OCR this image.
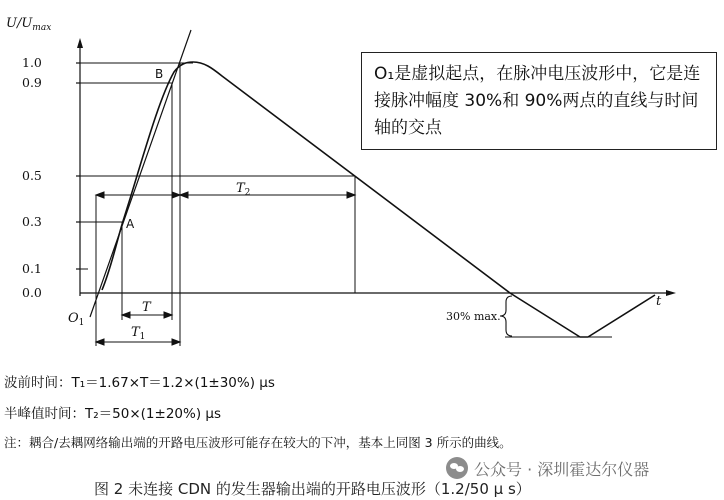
$U/U_{max}$
t
1.0
0.9
0.5
0.3
0.1
0.0
A
B
$O_1$
$T_1$
T
$T_2$
30% max.
O₁是虚拟起点，在脉冲电压波形中，它是连接脉冲幅度 30%和 90%两点的直线与时间轴的交点
波前时间：T₁＝1.67×T＝1.2×(1±30%) μs
半峰值时间：T₂＝50×(1±20%) μs
注：耦合/去耦网络输出端的开路电压波形可能存在较大的下冲，基本上同图 3 所示的曲线。
公众号 · 深圳霍达尔仪器
图 2 未连接 CDN 的发生器输出端的开路电压波形（1.2/50 μ s）
